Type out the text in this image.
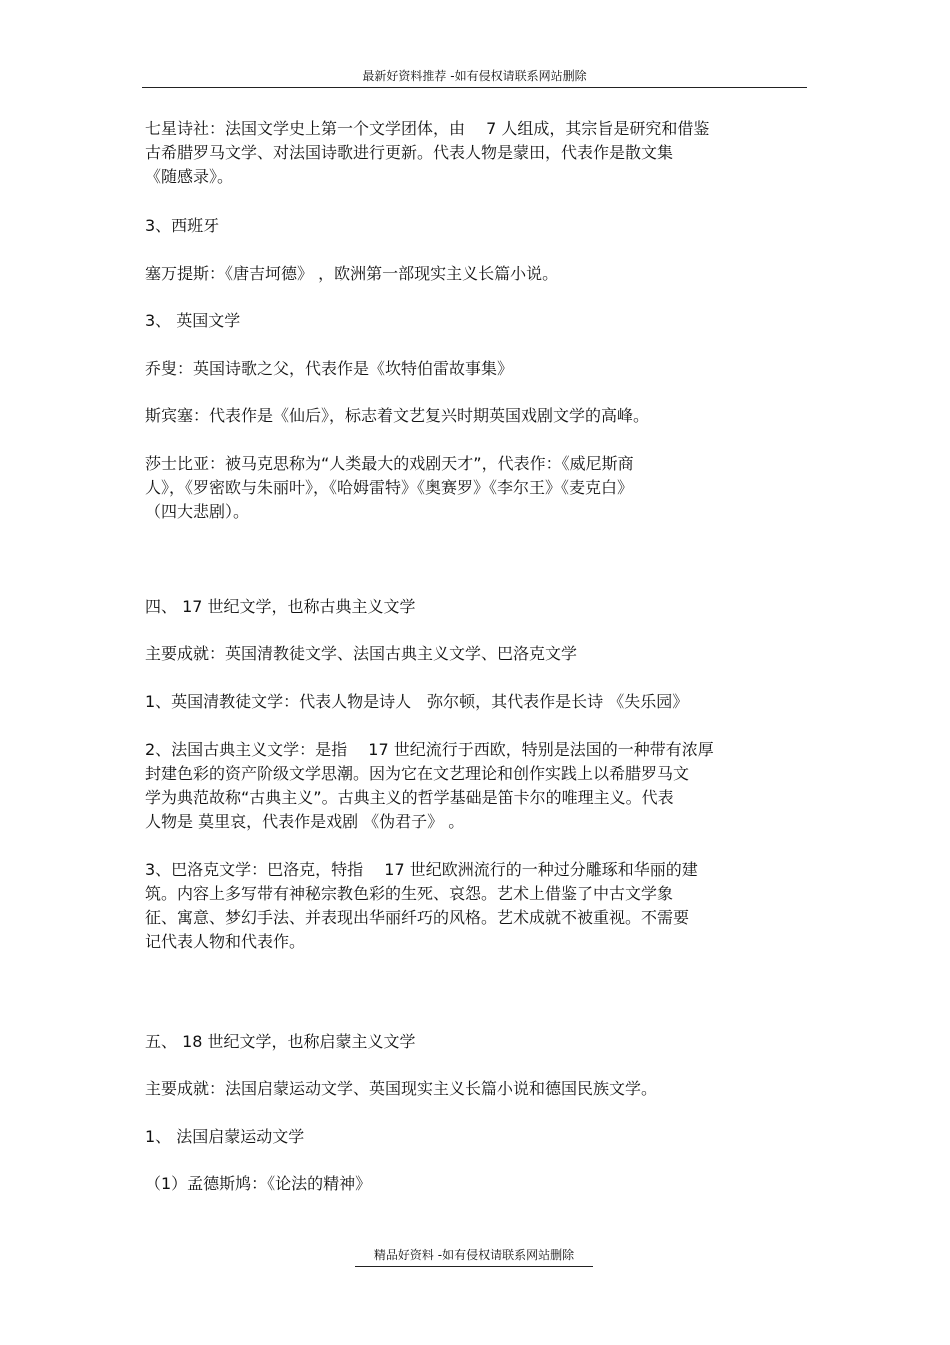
最新好资料推荐 -如有侵权请联系网站删除

七星诗社：法国文学史上第一个文学团体，由　 7 人组成，其宗旨是研究和借鉴
古希腊罗马文学、对法国诗歌进行更新。代表人物是蒙田，代表作是散文集
《随感录》。

3、西班牙

塞万提斯：《唐吉坷德》 ，欧洲第一部现实主义长篇小说。

3、 英国文学

乔叟：英国诗歌之父，代表作是《坎特伯雷故事集》

斯宾塞：代表作是《仙后》，标志着文艺复兴时期英国戏剧文学的高峰。

莎士比亚：被马克思称为“人类最大的戏剧天才”，代表作：《威尼斯商
人》，《罗密欧与朱丽叶》，《哈姆雷特》《奥赛罗》《李尔王》《麦克白》
（四大悲剧）。

四、 17 世纪文学，也称古典主义文学

主要成就：英国清教徒文学、法国古典主义文学、巴洛克文学

1、英国清教徒文学：代表人物是诗人　弥尔顿，其代表作是长诗 《失乐园》

2、法国古典主义文学：是指　 17 世纪流行于西欧，特别是法国的一种带有浓厚
封建色彩的资产阶级文学思潮。因为它在文艺理论和创作实践上以希腊罗马文
学为典范故称“古典主义”。古典主义的哲学基础是笛卡尔的唯理主义。代表
人物是 莫里哀，代表作是戏剧 《伪君子》 。

3、巴洛克文学：巴洛克，特指　 17 世纪欧洲流行的一种过分雕琢和华丽的建
筑。内容上多写带有神秘宗教色彩的生死、哀怨。艺术上借鉴了中古文学象
征、寓意、梦幻手法、并表现出华丽纤巧的风格。艺术成就不被重视。不需要
记代表人物和代表作。

五、 18 世纪文学，也称启蒙主义文学

主要成就：法国启蒙运动文学、英国现实主义长篇小说和德国民族文学。

1、 法国启蒙运动文学

（1）孟德斯鸠：《论法的精神》

精品好资料 -如有侵权请联系网站删除
